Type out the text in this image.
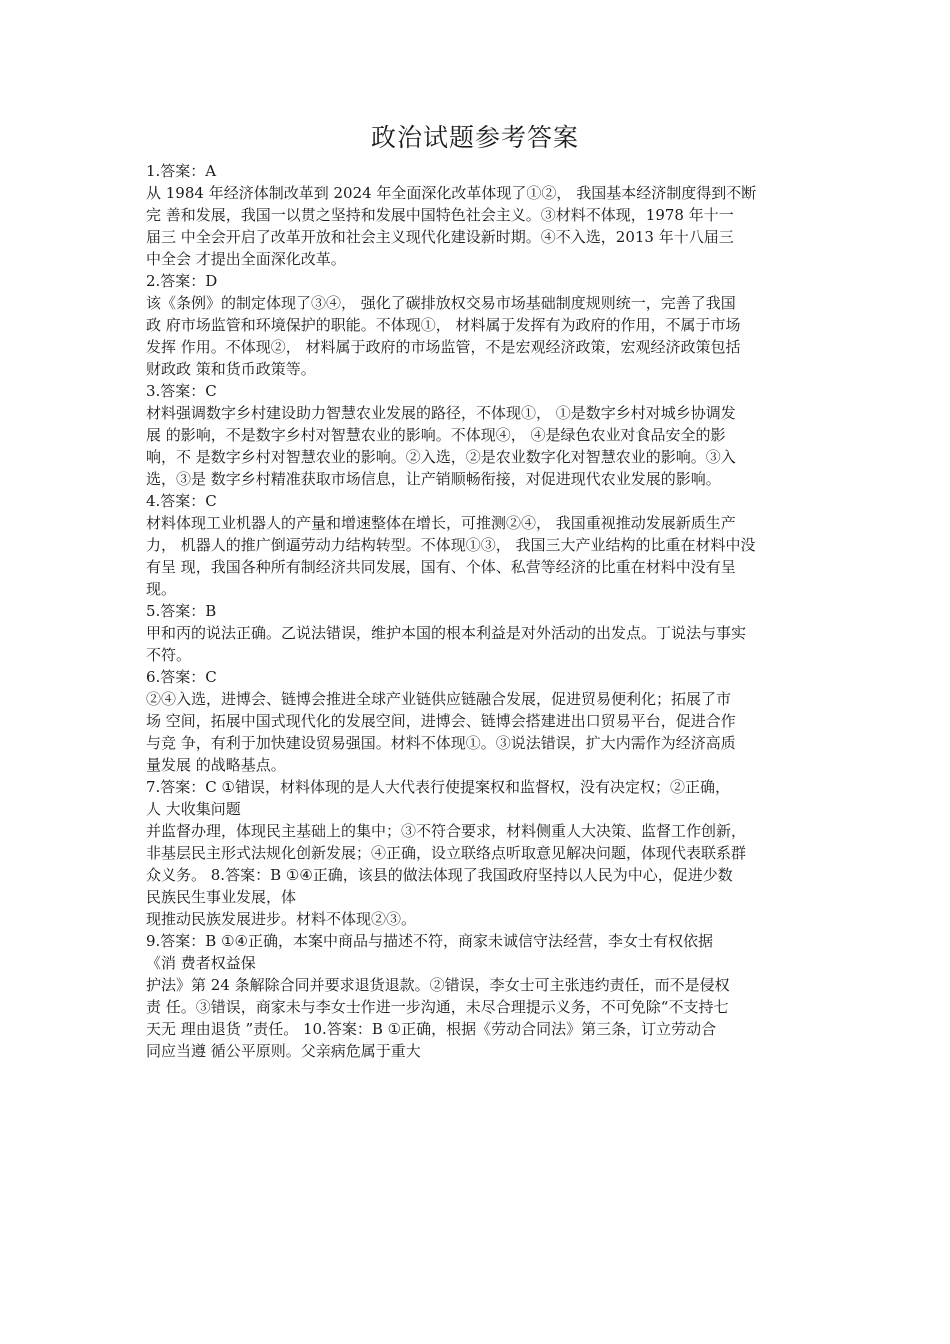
政治试题参考答案
1.答案：A
从 1984 年经济体制改革到 2024 年全面深化改革体现了①②， 我国基本经济制度得到不断
完 善和发展，我国一以贯之坚持和发展中国特色社会主义。③材料不体现，1978 年十一
届三 中全会开启了改革开放和社会主义现代化建设新时期。④不入选，2013 年十八届三
中全会 才提出全面深化改革。
2.答案：D
该《条例》的制定体现了③④， 强化了碳排放权交易市场基础制度规则统一，完善了我国
政 府市场监管和环境保护的职能。不体现①， 材料属于发挥有为政府的作用，不属于市场
发挥 作用。不体现②， 材料属于政府的市场监管，不是宏观经济政策，宏观经济政策包括
财政政 策和货币政策等。
3.答案：C
材料强调数字乡村建设助力智慧农业发展的路径，不体现①， ①是数字乡村对城乡协调发
展 的影响，不是数字乡村对智慧农业的影响。不体现④， ④是绿色农业对食品安全的影
响，不 是数字乡村对智慧农业的影响。②入选，②是农业数字化对智慧农业的影响。③入
选，③是 数字乡村精准获取市场信息，让产销顺畅衔接，对促进现代农业发展的影响。
4.答案：C
材料体现工业机器人的产量和增速整体在增长，可推测②④， 我国重视推动发展新质生产
力， 机器人的推广倒逼劳动力结构转型。不体现①③， 我国三大产业结构的比重在材料中没
有呈 现，我国各种所有制经济共同发展，国有、个体、私营等经济的比重在材料中没有呈
现。
5.答案：B
甲和丙的说法正确。乙说法错误，维护本国的根本利益是对外活动的出发点。丁说法与事实
不符。
6.答案：C
②④入选，进博会、链博会推进全球产业链供应链融合发展，促进贸易便利化；拓展了市
场 空间，拓展中国式现代化的发展空间，进博会、链博会搭建进出口贸易平台，促进合作
与竞 争，有利于加快建设贸易强国。材料不体现①。③说法错误，扩大内需作为经济高质
量发展 的战略基点。
7.答案：C ①错误，材料体现的是人大代表行使提案权和监督权，没有决定权；②正确，
人 大收集问题
并监督办理，体现民主基础上的集中；③不符合要求，材料侧重人大决策、监督工作创新，
非基层民主形式法规化创新发展；④正确，设立联络点听取意见解决问题，体现代表联系群
众义务。 8.答案：B ①④正确，该县的做法体现了我国政府坚持以人民为中心，促进少数
民族民生事业发展，体
现推动民族发展进步。材料不体现②③。
9.答案：B ①④正确，本案中商品与描述不符，商家未诚信守法经营，李女士有权依据
《消 费者权益保
护法》第 24 条解除合同并要求退货退款。②错误，李女士可主张违约责任，而不是侵权
责 任。③错误，商家未与李女士作进一步沟通，未尽合理提示义务，不可免除“不支持七
天无 理由退货 ”责任。 10.答案：B ①正确，根据《劳动合同法》第三条，订立劳动合
同应当遵 循公平原则。父亲病危属于重大
